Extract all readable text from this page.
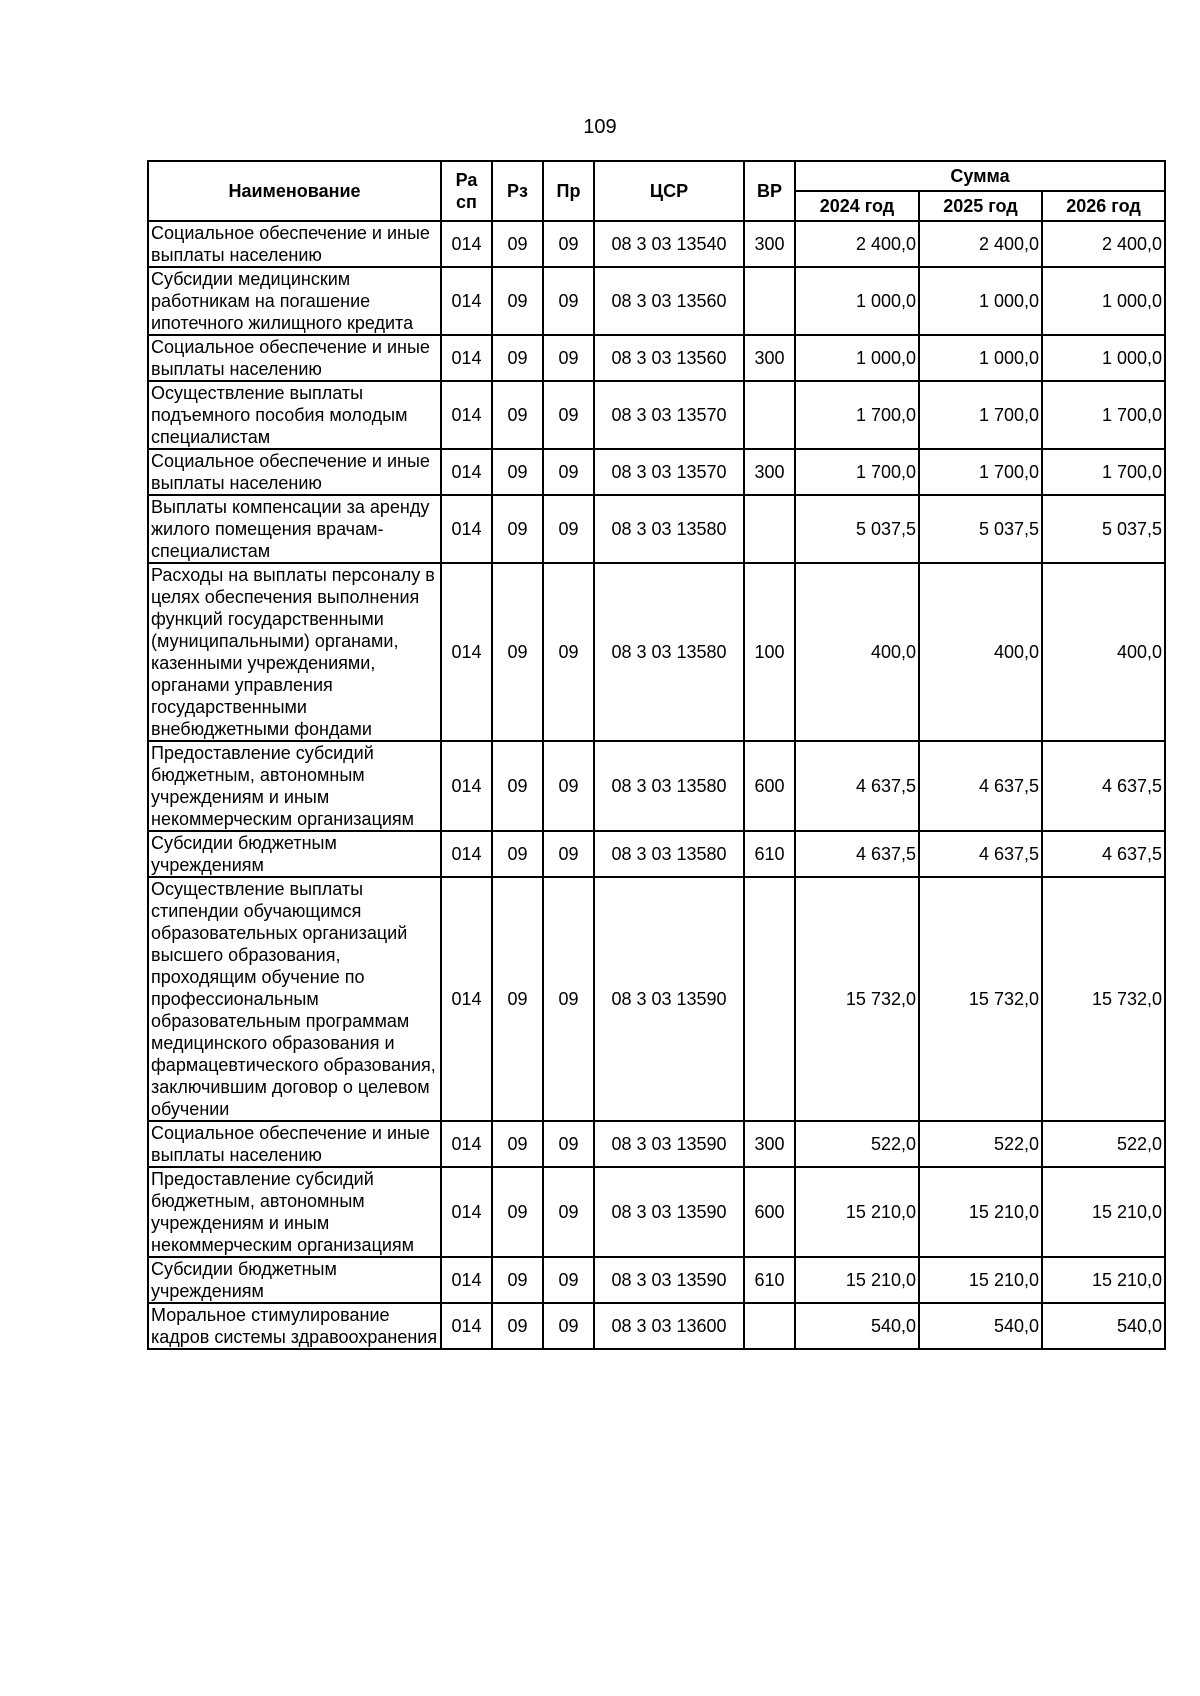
109
Наименование	Ра сп	Рз	Пр	ЦСР	ВР	Сумма		
						2024 год	2025 год	2026 год
Социальное обеспечение и иные выплаты населению	014	09	09	08 3 03 13540	300	2 400,0	2 400,0	2 400,0
Субсидии медицинским работникам на погашение ипотечного жилищного кредита	014	09	09	08 3 03 13560		1 000,0	1 000,0	1 000,0
Социальное обеспечение и иные выплаты населению	014	09	09	08 3 03 13560	300	1 000,0	1 000,0	1 000,0
Осуществление выплаты подъемного пособия молодым специалистам	014	09	09	08 3 03 13570		1 700,0	1 700,0	1 700,0
Социальное обеспечение и иные выплаты населению	014	09	09	08 3 03 13570	300	1 700,0	1 700,0	1 700,0
Выплаты компенсации за аренду жилого помещения врачам-специалистам	014	09	09	08 3 03 13580		5 037,5	5 037,5	5 037,5
Расходы на выплаты персоналу в целях обеспечения выполнения функций государственными (муниципальными) органами, казенными учреждениями, органами управления государственными внебюджетными фондами	014	09	09	08 3 03 13580	100	400,0	400,0	400,0
Предоставление субсидий бюджетным, автономным учреждениям и иным некоммерческим организациям	014	09	09	08 3 03 13580	600	4 637,5	4 637,5	4 637,5
Субсидии бюджетным учреждениям	014	09	09	08 3 03 13580	610	4 637,5	4 637,5	4 637,5
Осуществление выплаты стипендии обучающимся образовательных организаций высшего образования, проходящим обучение по профессиональным образовательным программам медицинского образования и фармацевтического образования, заключившим договор о целевом обучении	014	09	09	08 3 03 13590		15 732,0	15 732,0	15 732,0
Социальное обеспечение и иные выплаты населению	014	09	09	08 3 03 13590	300	522,0	522,0	522,0
Предоставление субсидий бюджетным, автономным учреждениям и иным некоммерческим организациям	014	09	09	08 3 03 13590	600	15 210,0	15 210,0	15 210,0
Субсидии бюджетным учреждениям	014	09	09	08 3 03 13590	610	15 210,0	15 210,0	15 210,0
Моральное стимулирование кадров системы здравоохранения	014	09	09	08 3 03 13600		540,0	540,0	540,0
